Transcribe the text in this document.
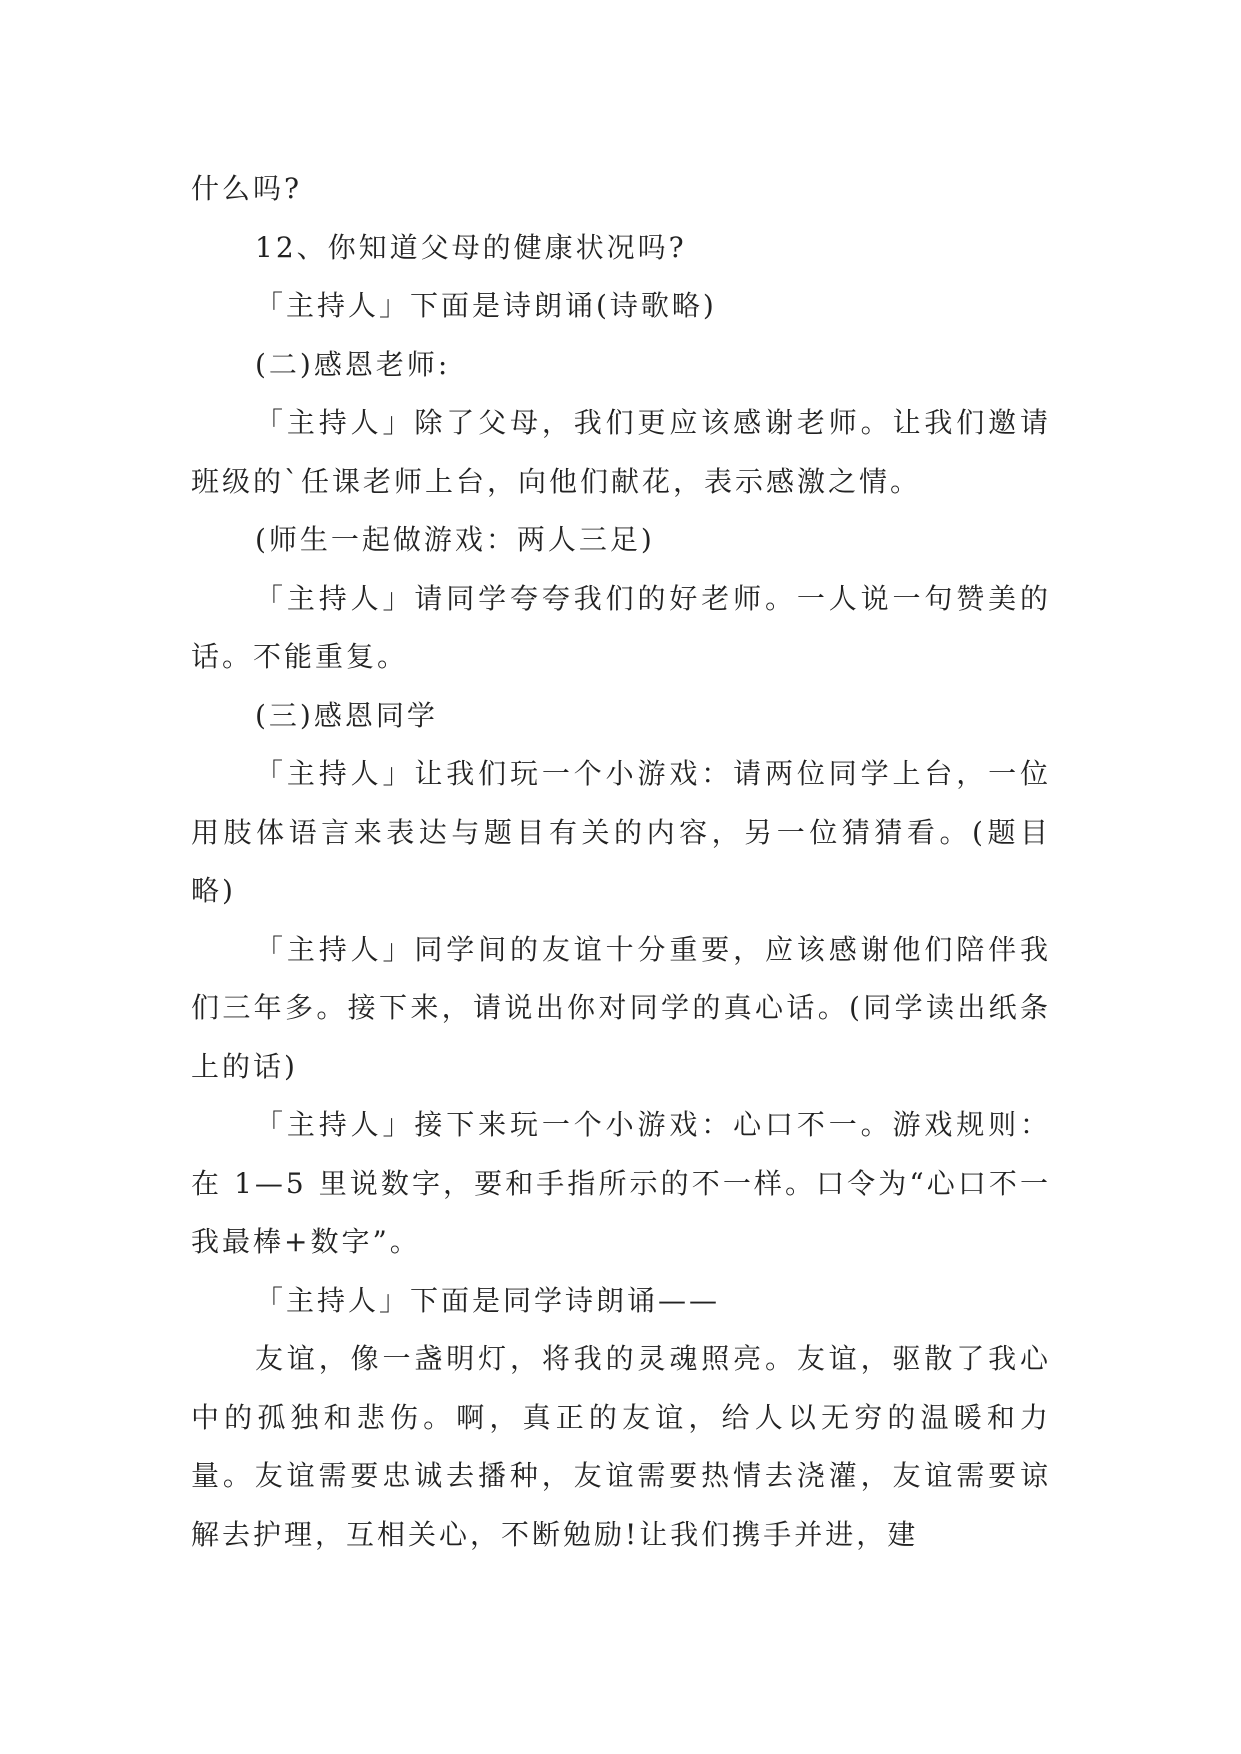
什么吗?

12、你知道父母的健康状况吗?

「主持人」下面是诗朗诵(诗歌略)

(二)感恩老师:

「主持人」除了父母，我们更应该感谢老师。让我们邀请班级的`任课老师上台，向他们献花，表示感激之情。

(师生一起做游戏：两人三足)

「主持人」请同学夸夸我们的好老师。一人说一句赞美的话。不能重复。

(三)感恩同学

「主持人」让我们玩一个小游戏：请两位同学上台，一位用肢体语言来表达与题目有关的内容，另一位猜猜看。(题目略)

「主持人」同学间的友谊十分重要，应该感谢他们陪伴我们三年多。接下来，请说出你对同学的真心话。(同学读出纸条上的话)

「主持人」接下来玩一个小游戏：心口不一。游戏规则：在 1—5 里说数字，要和手指所示的不一样。口令为“心口不一我最棒+数字”。

「主持人」下面是同学诗朗诵——

友谊，像一盏明灯，将我的灵魂照亮。友谊，驱散了我心中的孤独和悲伤。啊，真正的友谊，给人以无穷的温暖和力量。友谊需要忠诚去播种，友谊需要热情去浇灌，友谊需要谅解去护理，互相关心，不断勉励!让我们携手并进，建
